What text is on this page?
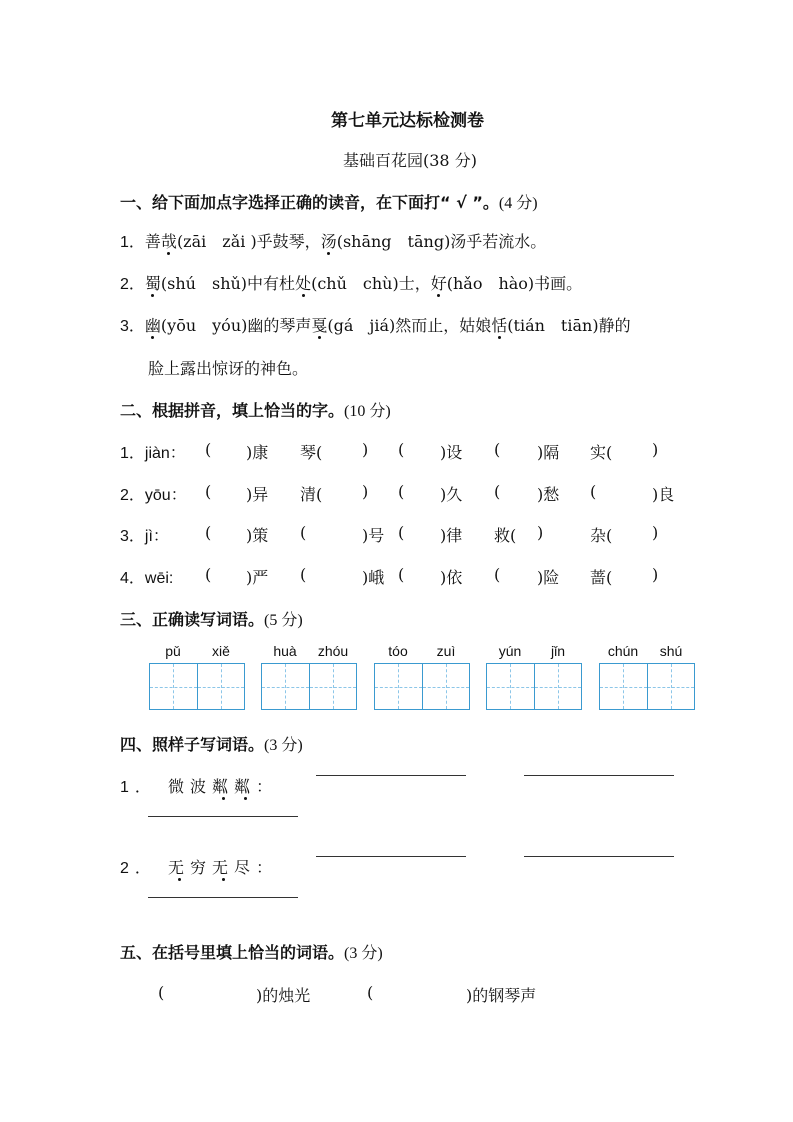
第七单元达标检测卷
基础百花园(38 分)
一、给下面加点字选择正确的读音，在下面打“ √ ”。(4 分)
1．善哉(zāi　zǎi )乎鼓琴，汤(shāng　tāng)汤乎若流水。
2．蜀(shú　shǔ)中有杜处(chǔ　chù)士，好(hǎo　hào)书画。
3．幽(yōu　yóu)幽的琴声戛(gá　jiá)然而止，姑娘恬(tián　tiān)静的
脸上露出惊讶的神色。
二、根据拼音，填上恰当的字。(10 分)
1．jiàn： ( )康 琴( ) ( )设 ( )隔 实( )
2．yōu： ( )异 清( ) ( )久 ( )愁 (	)良
3．jì： ( )策 (	)号 ( )律 救( )	杂( )
4．wēi: ( )严 (	)峨 ( )依 ( )险 蔷( )
三、正确读写词语。(5 分)
pǔ	xiě	huà	zhóu	tóo	zuì	yún	jǐn	chún	shú
四、照样子写词语。(3 分)
1． 微波粼粼：
2． 无穷无尽：
五、在括号里填上恰当的词语。(3 分)
(	)的烛光	(	)的钢琴声
